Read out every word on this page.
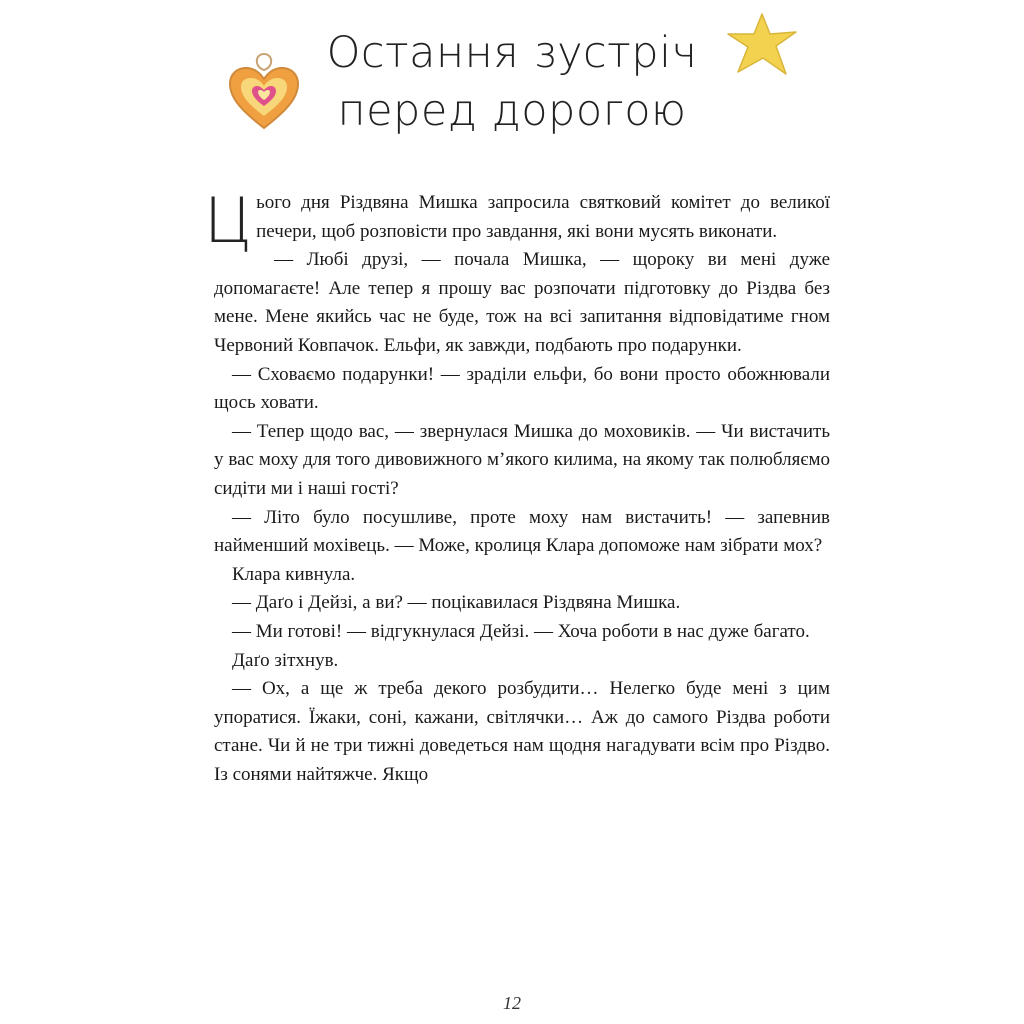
Остання зустріч
перед дорогою

Цього дня Різдвяна Мишка запросила святковий комітет до великої печери, щоб розповісти про завдання, які вони мусять виконати.

— Любі друзі, — почала Мишка, — щороку ви мені дуже допомагаєте! Але тепер я прошу вас розпочати підготовку до Різдва без мене. Мене якийсь час не буде, тож на всі запитання відповідатиме гном Червоний Ковпачок. Ельфи, як завжди, подбають про подарунки.

— Сховаємо подарунки! — зраділи ельфи, бо вони просто обожнювали щось ховати.

— Тепер щодо вас, — звернулася Мишка до моховиків. — Чи вистачить у вас моху для того дивовижного м’якого килима, на якому так полюбляємо сидіти ми і наші гості?

— Літо було посушливе, проте моху нам вистачить! — запевнив найменший мохівець. — Може, кролиця Клара допоможе нам зібрати мох?

Клара кивнула.

— Даґо і Дейзі, а ви? — поцікавилася Різдвяна Мишка.

— Ми готові! — відгукнулася Дейзі. — Хоча роботи в нас дуже багато.

Даґо зітхнув.

— Ох, а ще ж треба декого розбудити… Нелегко буде мені з цим упоратися. Їжаки, соні, кажани, світлячки… Аж до самого Різдва роботи стане. Чи й не три тижні доведеться нам щодня нагадувати всім про Різдво. Із сонями найтяжче. Якщо

12
